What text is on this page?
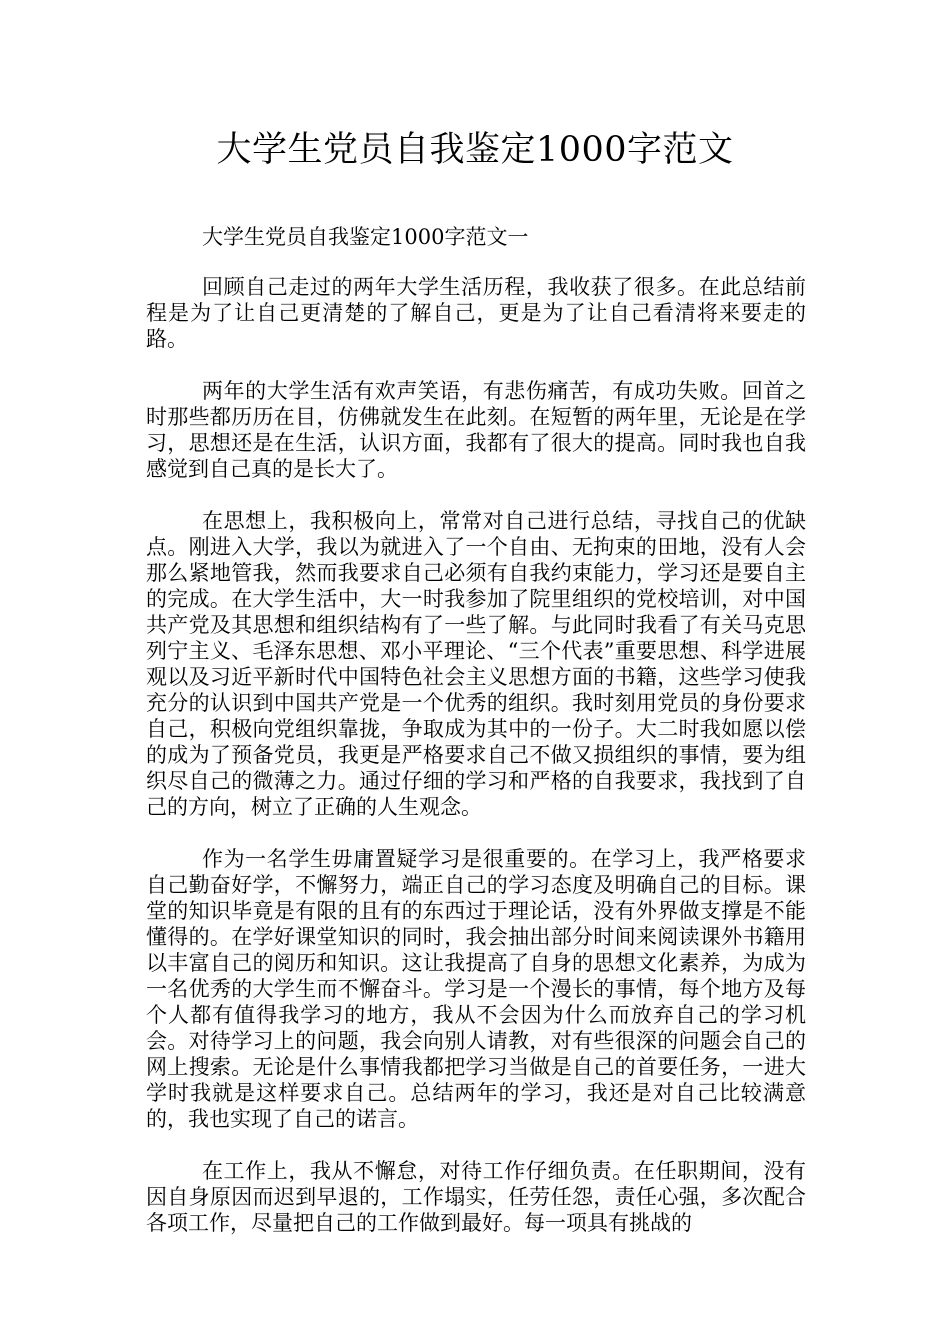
大学生党员自我鉴定1000字范文

大学生党员自我鉴定1000字范文一

回顾自己走过的两年大学生活历程，我收获了很多。在此总结前程是为了让自己更清楚的了解自己，更是为了让自己看清将来要走的路。

两年的大学生活有欢声笑语，有悲伤痛苦，有成功失败。回首之时那些都历历在目，仿佛就发生在此刻。在短暂的两年里，无论是在学习，思想还是在生活，认识方面，我都有了很大的提高。同时我也自我感觉到自己真的是长大了。

在思想上，我积极向上，常常对自己进行总结，寻找自己的优缺点。刚进入大学，我以为就进入了一个自由、无拘束的田地，没有人会那么紧地管我，然而我要求自己必须有自我约束能力，学习还是要自主的完成。在大学生活中，大一时我参加了院里组织的党校培训，对中国共产党及其思想和组织结构有了一些了解。与此同时我看了有关马克思列宁主义、毛泽东思想、邓小平理论、“三个代表”重要思想、科学进展观以及习近平新时代中国特色社会主义思想方面的书籍，这些学习使我充分的认识到中国共产党是一个优秀的组织。我时刻用党员的身份要求自己，积极向党组织靠拢，争取成为其中的一份子。大二时我如愿以偿的成为了预备党员，我更是严格要求自己不做又损组织的事情，要为组织尽自己的微薄之力。通过仔细的学习和严格的自我要求，我找到了自己的方向，树立了正确的人生观念。

作为一名学生毋庸置疑学习是很重要的。在学习上，我严格要求自己勤奋好学，不懈努力，端正自己的学习态度及明确自己的目标。课堂的知识毕竟是有限的且有的东西过于理论话，没有外界做支撑是不能懂得的。在学好课堂知识的同时，我会抽出部分时间来阅读课外书籍用以丰富自己的阅历和知识。这让我提高了自身的思想文化素养，为成为一名优秀的大学生而不懈奋斗。学习是一个漫长的事情，每个地方及每个人都有值得我学习的地方，我从不会因为什么而放弃自己的学习机会。对待学习上的问题，我会向别人请教，对有些很深的问题会自己的网上搜索。无论是什么事情我都把学习当做是自己的首要任务，一进大学时我就是这样要求自己。总结两年的学习，我还是对自己比较满意的，我也实现了自己的诺言。

在工作上，我从不懈怠，对待工作仔细负责。在任职期间，没有因自身原因而迟到早退的，工作塌实，任劳任怨，责任心强，多次配合各项工作，尽量把自己的工作做到最好。每一项具有挑战的
